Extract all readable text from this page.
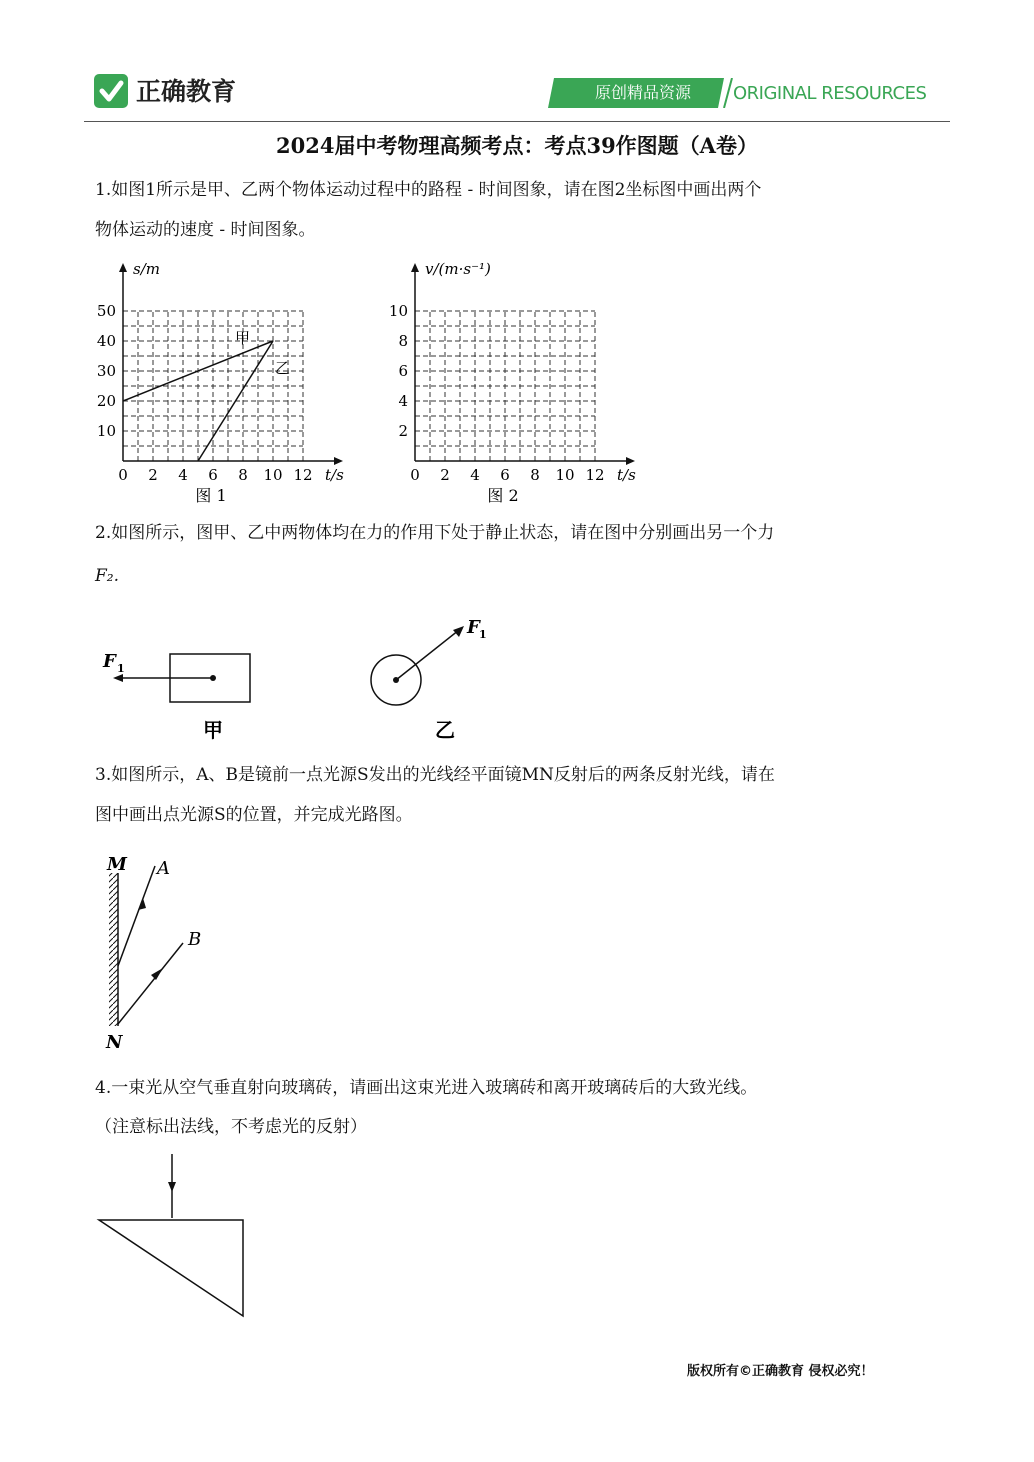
正确教育	原创精品资源	ORIGINAL RESOURCES
2024届中考物理高频考点：考点39作图题（A卷）
1.如图1所示是甲、乙两个物体运动过程中的路程 - 时间图象，请在图2坐标图中画出两个
物体运动的速度 - 时间图象。
0 2 4 6 8 10 12
10
20
30
40
50
s/m
t/s
图 1
甲
乙
0 2 4 6 8 10 12
2
4
6
8
10
v/(m·s⁻¹)
t/s
图 2
2.如图所示，图甲、乙中两物体均在力的作用下处于静止状态，请在图中分别画出另一个力
F₂.
F 1
甲
F 1
乙
3.如图所示，A、B是镜前一点光源S发出的光线经平面镜MN反射后的两条反射光线，请在
图中画出点光源S的位置，并完成光路图。
M
N
A
B
4.一束光从空气垂直射向玻璃砖，请画出这束光进入玻璃砖和离开玻璃砖后的大致光线。
（注意标出法线，不考虑光的反射）
版权所有©正确教育 侵权必究！
